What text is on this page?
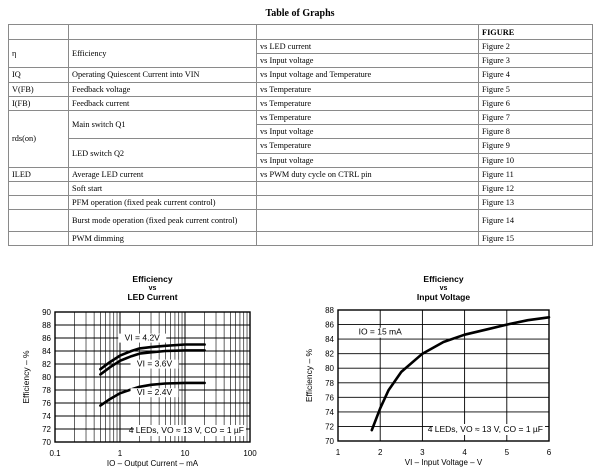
Table of Graphs
			FIGURE
η	Efficiency	vs LED current	Figure 2
		vs Input voltage	Figure 3
IQ	Operating Quiescent Current into VIN	vs Input voltage and Temperature	Figure 4
V(FB)	Feedback voltage	vs Temperature	Figure 5
I(FB)	Feedback current	vs Temperature	Figure 6
rds(on)	Main switch Q1	vs Temperature	Figure 7
		vs Input voltage	Figure 8
	LED switch Q2	vs Temperature	Figure 9
		vs Input voltage	Figure 10
ILED	Average LED current	vs PWM duty cycle on CTRL pin	Figure 11
	Soft start		Figure 12
	PFM operation (fixed peak current control)		Figure 13
	Burst mode operation (fixed peak current control)		Figure 14
	PWM dimming		Figure 15
Efficiency
vs
LED Current
70
72
74
76
78
80
82
84
86
88
90
0.1	1	10	100
Efficiency – %
IO – Output Current – mA
4 LEDs, VO ≈ 13 V, CO = 1 µF
VI = 4.2V
VI = 3.6V
VI = 2.4V
Efficiency
vs
Input Voltage
70
72
74
76
78
80
82
84
86
88
1	2	3	4	5	6
Efficiency – %
VI – Input Voltage – V
4 LEDs, VO ≈ 13 V, CO = 1 µF
IO = 15 mA
